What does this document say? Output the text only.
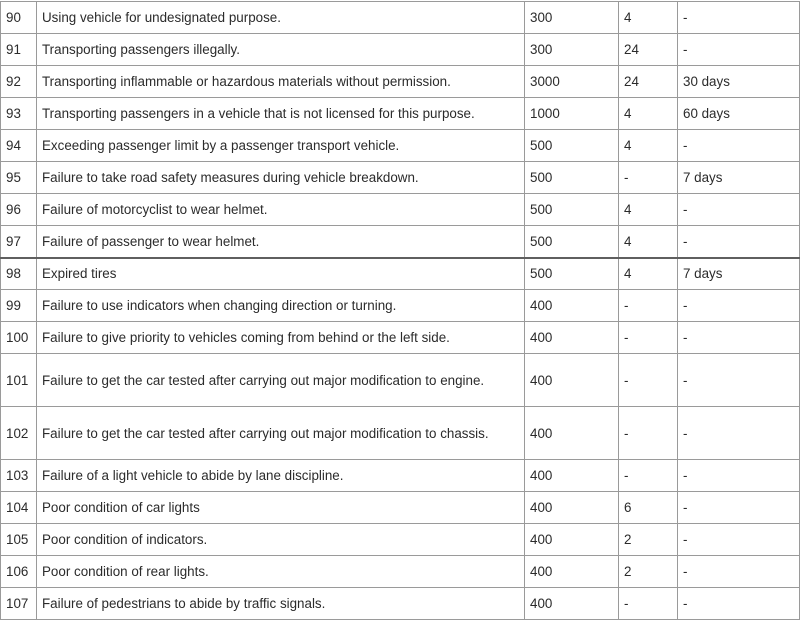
90	Using vehicle for undesignated purpose.	300	4	-
91	Transporting passengers illegally.	300	24	-
92	Transporting inflammable or hazardous materials without permission.	3000	24	30 days
93	Transporting passengers in a vehicle that is not licensed for this purpose.	1000	4	60 days
94	Exceeding passenger limit by a passenger transport vehicle.	500	4	-
95	Failure to take road safety measures during vehicle breakdown.	500	-	7 days
96	Failure of motorcyclist to wear helmet.	500	4	-
97	Failure of passenger to wear helmet.	500	4	-
98	Expired tires	500	4	7 days
99	Failure to use indicators when changing direction or turning.	400	-	-
100	Failure to give priority to vehicles coming from behind or the left side.	400	-	-
101	Failure to get the car tested after carrying out major modification to engine.	400	-	-
102	Failure to get the car tested after carrying out major modification to chassis.	400	-	-
103	Failure of a light vehicle to abide by lane discipline.	400	-	-
104	Poor condition of car lights	400	6	-
105	Poor condition of indicators.	400	2	-
106	Poor condition of rear lights.	400	2	-
107	Failure of pedestrians to abide by traffic signals.	400	-	-
